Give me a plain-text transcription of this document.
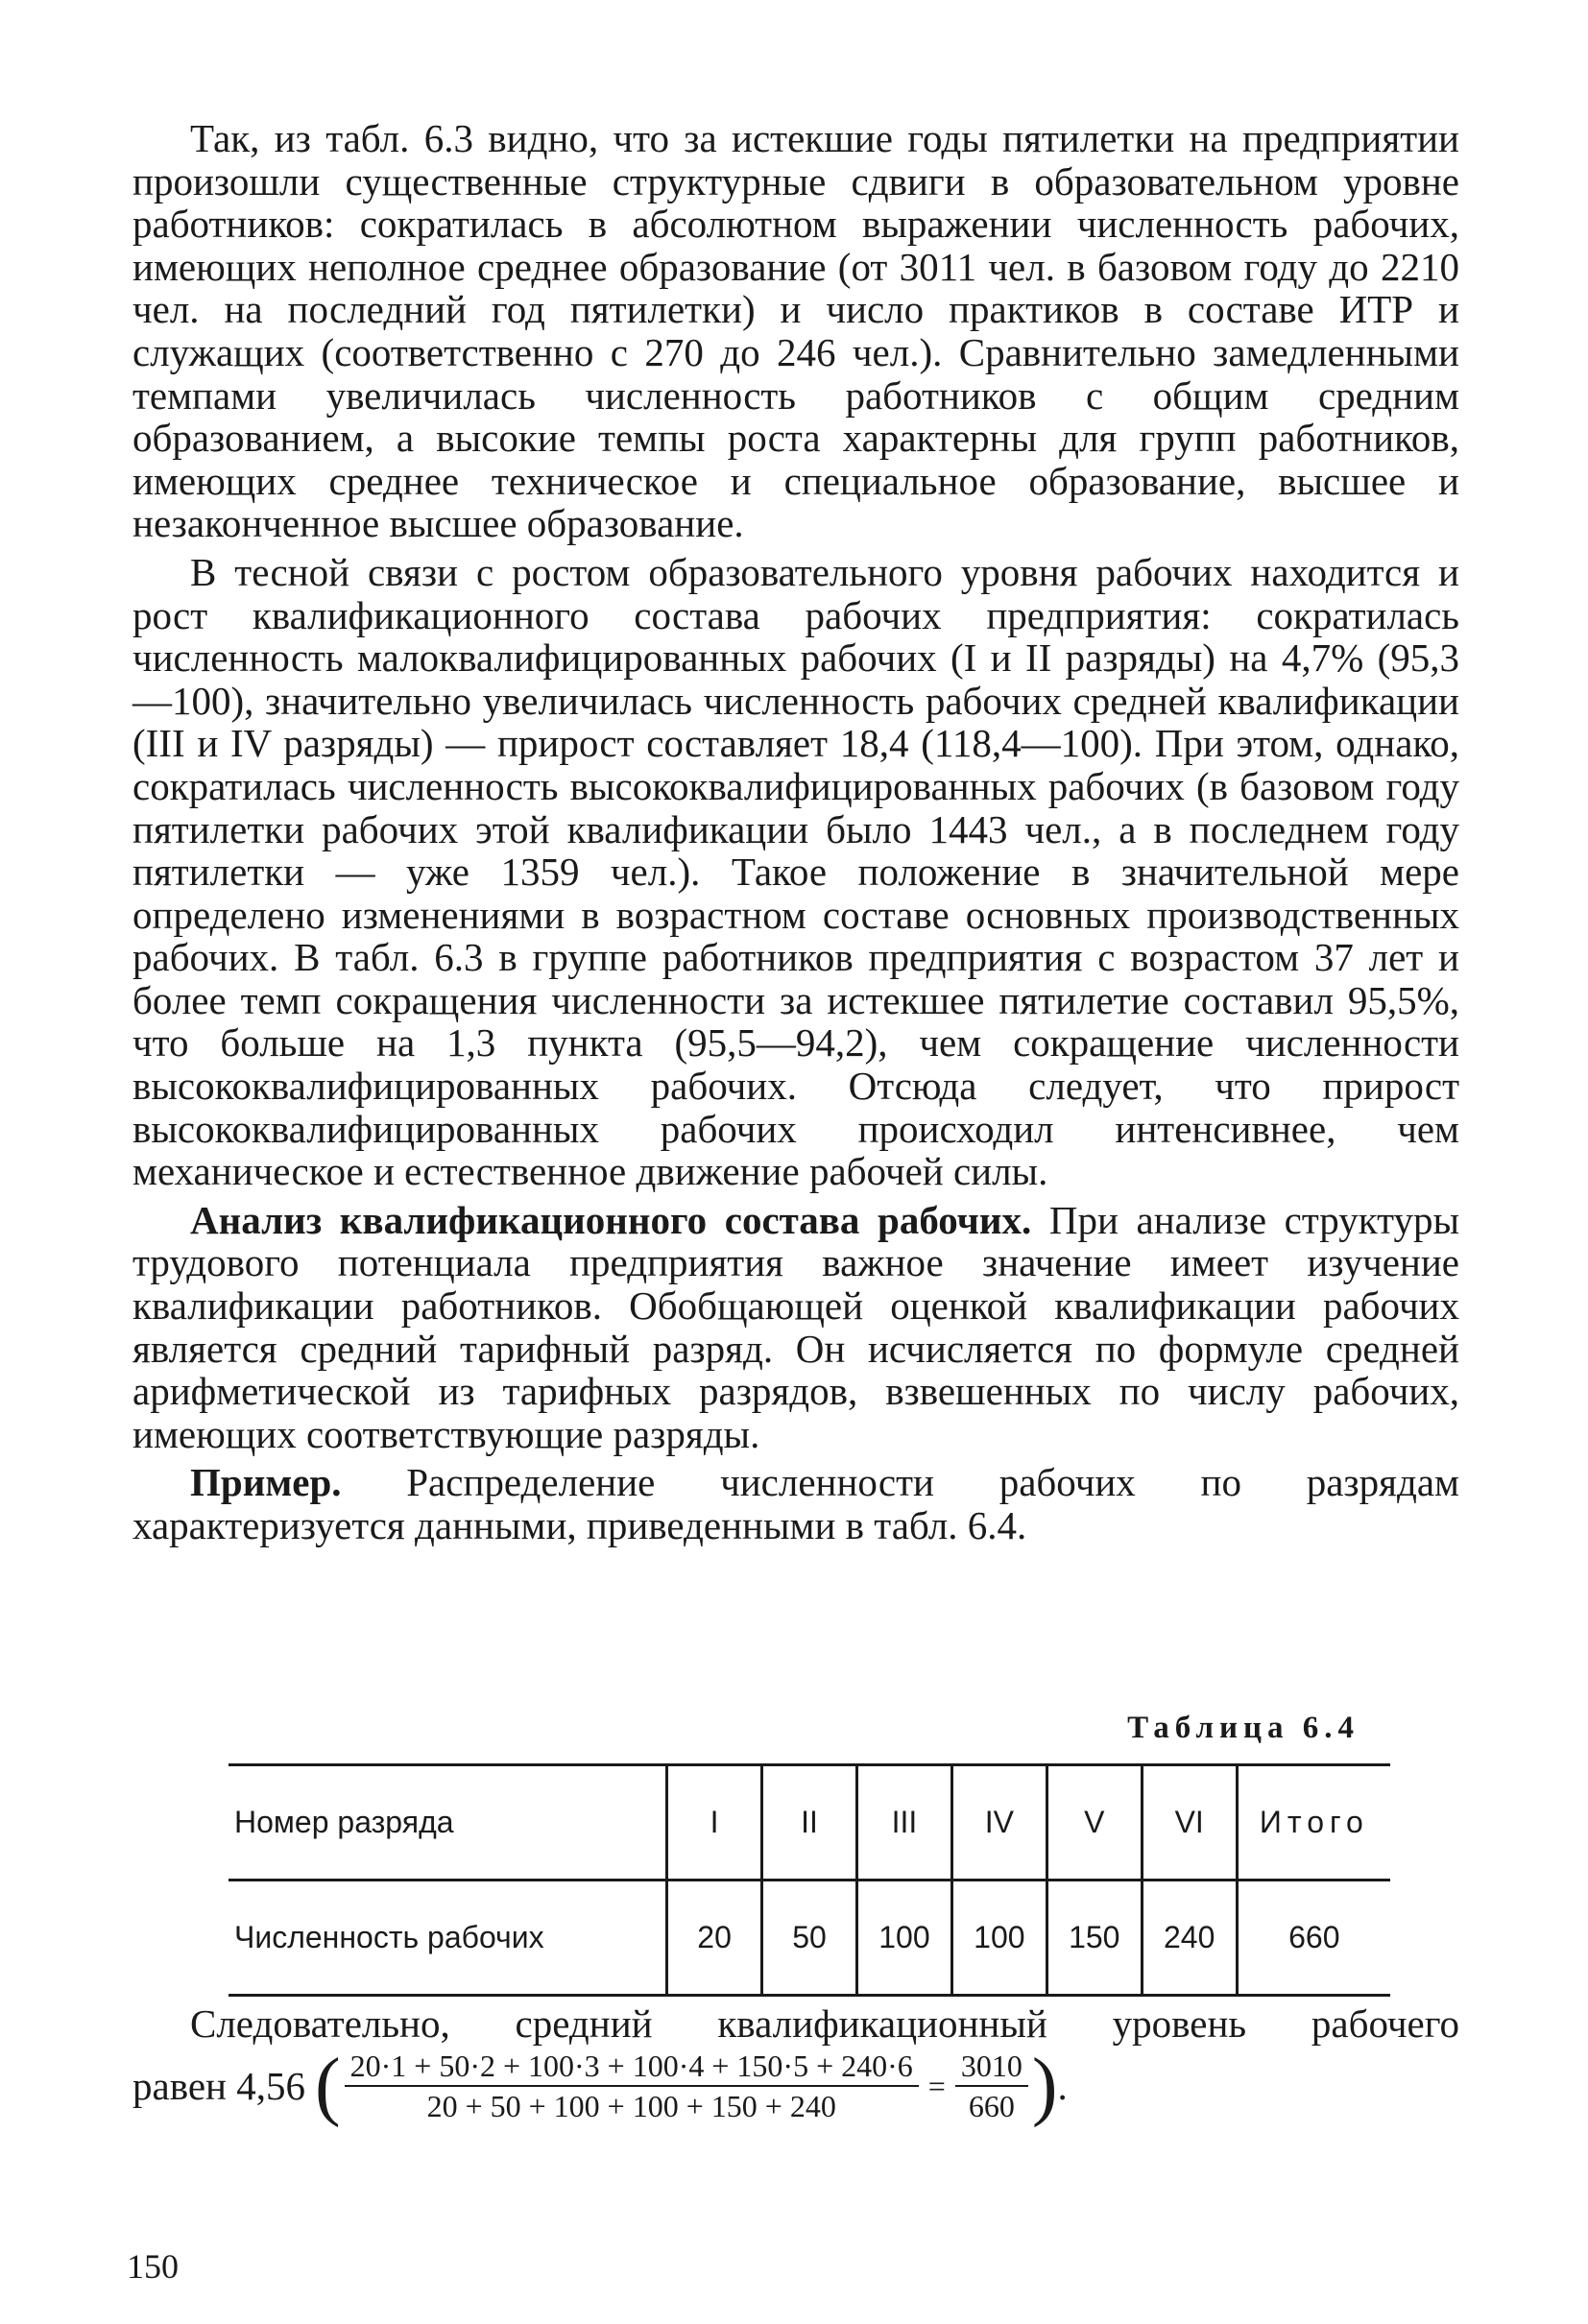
Так, из табл. 6.3 видно, что за истекшие годы пятилетки на предприятии произошли существенные структурные сдвиги в образовательном уровне работников: сократилась в абсолютном выражении численность рабочих, имеющих неполное среднее образование (от 3011 чел. в базовом году до 2210 чел. на последний год пятилетки) и число практиков в составе ИТР и служащих (соответственно с 270 до 246 чел.). Сравнительно замедленными темпами увеличилась численность работников с общим средним образованием, а высокие темпы роста характерны для групп работников, имеющих среднее техническое и специальное образование, высшее и незаконченное высшее образование.

В тесной связи с ростом образовательного уровня рабочих находится и рост квалификационного состава рабочих предприятия: сократилась численность малоквалифицированных рабочих (I и II разряды) на 4,7% (95,3—100), значительно увеличилась численность рабочих средней квалификации (III и IV разряды) — прирост составляет 18,4 (118,4—100). При этом, однако, сократилась численность высококвалифицированных рабочих (в базовом году пятилетки рабочих этой квалификации было 1443 чел., а в последнем году пятилетки — уже 1359 чел.). Такое положение в значительной мере определено изменениями в возрастном составе основных производственных рабочих. В табл. 6.3 в группе работников предприятия с возрастом 37 лет и более темп сокращения численности за истекшее пятилетие составил 95,5%, что больше на 1,3 пункта (95,5—94,2), чем сокращение численности высококвалифицированных рабочих. Отсюда следует, что прирост высококвалифицированных рабочих происходил интенсивнее, чем механическое и естественное движение рабочей силы.

Анализ квалификационного состава рабочих. При анализе структуры трудового потенциала предприятия важное значение имеет изучение квалификации работников. Обобщающей оценкой квалификации рабочих является средний тарифный разряд. Он исчисляется по формуле средней арифметической из тарифных разрядов, взвешенных по числу рабочих, имеющих соответствующие разряды.

Пример. Распределение численности рабочих по разрядам характеризуется данными, приведенными в табл. 6.4.

Таблица 6.4
Номер разряда	I	II	III	IV	V	VI	Итого
Численность рабочих	20	50	100	100	150	240	660
Следовательно, средний квалификационный уровень рабочего
равен 4,56 ( $\frac{20\cdot 1 + 50\cdot 2 + 100\cdot 3 + 100\cdot 4 + 150\cdot 5 + 240\cdot 6}{20 + 50 + 100 + 100 + 150 + 240} = \frac{3010}{660}$ ) .
150
